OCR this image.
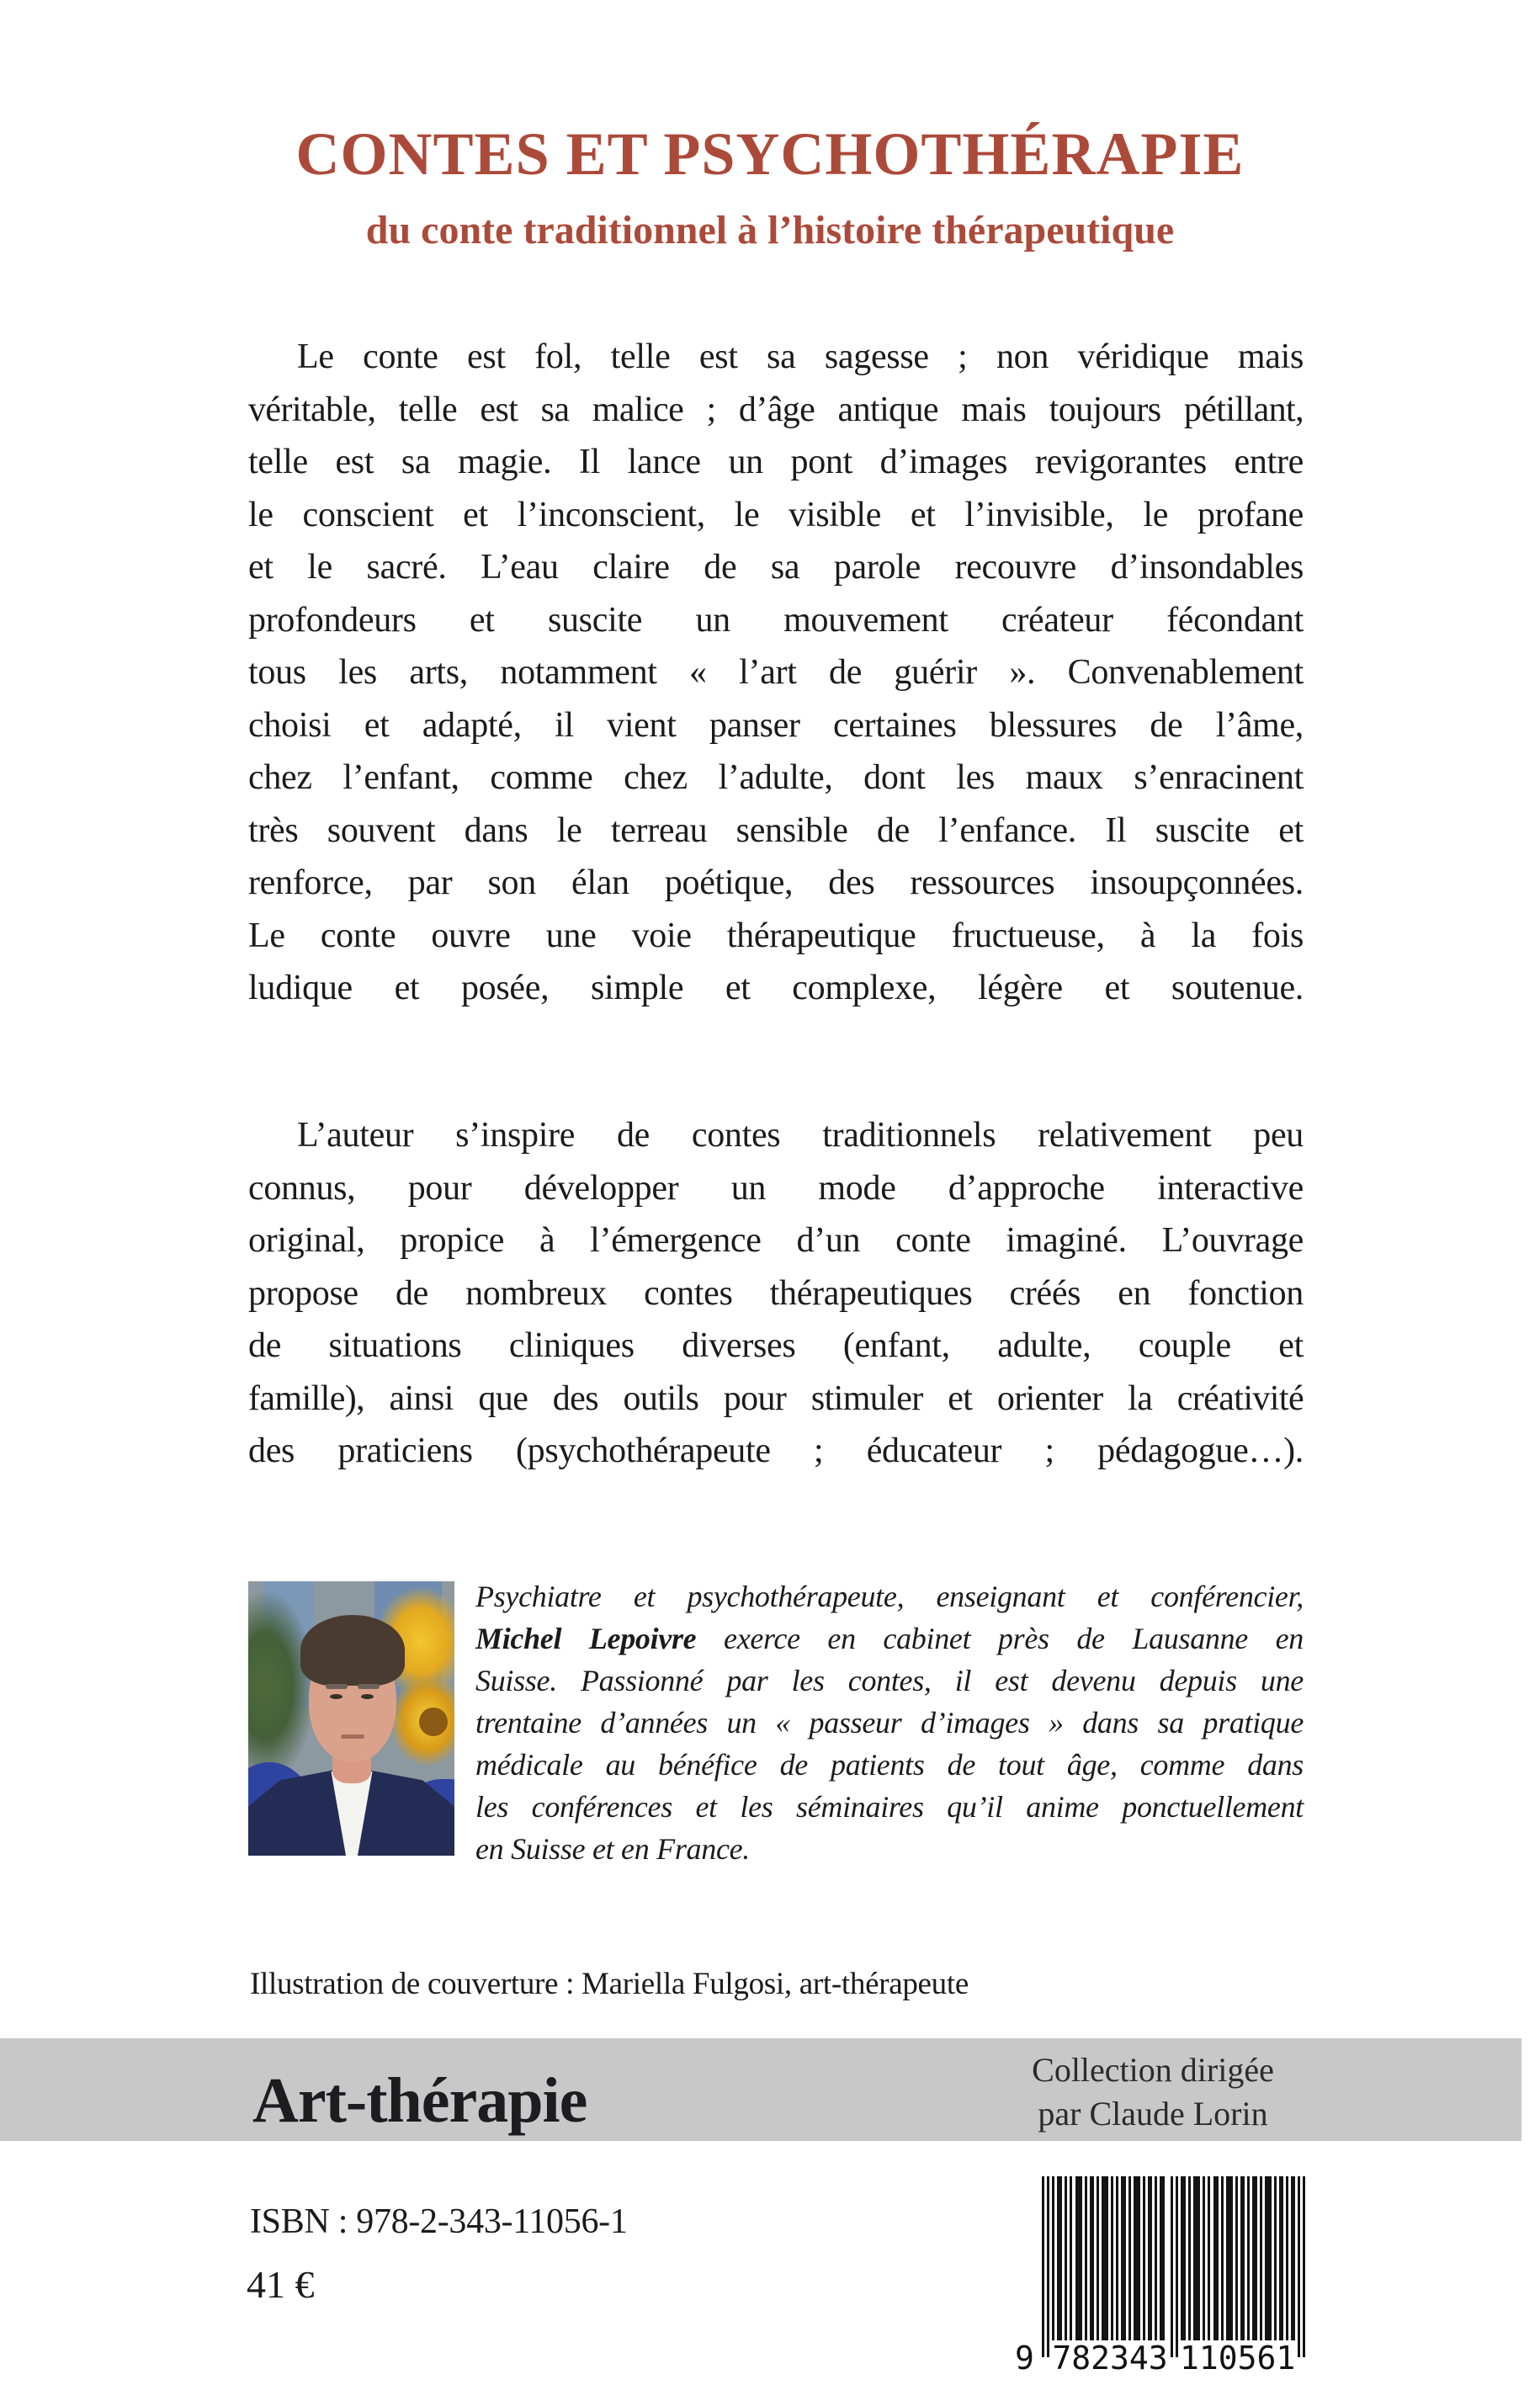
CONTES ET PSYCHOTHÉRAPIE
du conte traditionnel à l’histoire thérapeutique
Le conte est fol, telle est sa sagesse ; non véridique mais
véritable, telle est sa malice ; d’âge antique mais toujours pétillant,
telle est sa magie. Il lance un pont d’images revigorantes entre
le conscient et l’inconscient, le visible et l’invisible, le profane
et le sacré. L’eau claire de sa parole recouvre d’insondables
profondeurs et suscite un mouvement créateur fécondant
tous les arts, notamment « l’art de guérir ». Convenablement
choisi et adapté, il vient panser certaines blessures de l’âme,
chez l’enfant, comme chez l’adulte, dont les maux s’enracinent
très souvent dans le terreau sensible de l’enfance. Il suscite et
renforce, par son élan poétique, des ressources insoupçonnées.
Le conte ouvre une voie thérapeutique fructueuse, à la fois
ludique et posée, simple et complexe, légère et soutenue.
L’auteur s’inspire de contes traditionnels relativement peu
connus, pour développer un mode d’approche interactive
original, propice à l’émergence d’un conte imaginé. L’ouvrage
propose de nombreux contes thérapeutiques créés en fonction
de situations cliniques diverses (enfant, adulte, couple et
famille), ainsi que des outils pour stimuler et orienter la créativité
des praticiens (psychothérapeute ; éducateur ; pédagogue…).
Psychiatre et psychothérapeute, enseignant et conférencier,
Michel Lepoivre exerce en cabinet près de Lausanne en
Suisse. Passionné par les contes, il est devenu depuis une
trentaine d’années un « passeur d’images » dans sa pratique
médicale au bénéfice de patients de tout âge, comme dans
les conférences et les séminaires qu’il anime ponctuellement
en Suisse et en France.
Illustration de couverture : Mariella Fulgosi, art-thérapeute
Art-thérapie	Collection dirigée
par Claude Lorin
ISBN : 978-2-343-11056-1
41 €
9 782343 110561
